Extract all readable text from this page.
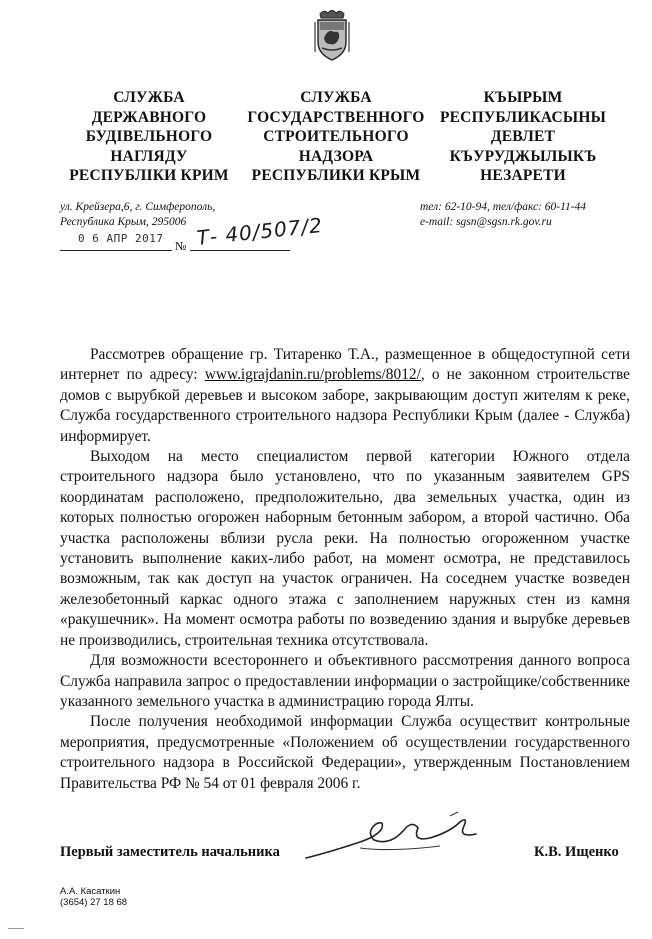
СЛУЖБА
ДЕРЖАВНОГО
БУДІВЕЛЬНОГО
НАГЛЯДУ
РЕСПУБЛІКИ КРИМ
СЛУЖБА
ГОСУДАРСТВЕННОГО
СТРОИТЕЛЬНОГО
НАДЗОРА
РЕСПУБЛИКИ КРЫМ
КЪЫРЫМ
РЕСПУБЛИКАСЫНЫ
ДЕВЛЕТ
КЪУРУДЖЫЛЫКЪ
НЕЗАРЕТИ
ул. Крейзера,6, г. Симферополь,
Республика Крым, 295006
тел: 62-10-94, тел/факс: 60-11-44
e-mail: sgsn@sgsn.rk.gov.ru
0 6 АПР 2017
№ Т- 40/507/2

Рассмотрев обращение гр. Титаренко Т.А., размещенное в общедоступной сети интернет по адресу: www.igrajdanin.ru/problems/8012/, о не законном строительстве домов с вырубкой деревьев и высоком заборе, закрывающим доступ жителям к реке, Служба государственного строительного надзора Республики Крым (далее - Служба) информирует.

Выходом на место специалистом первой категории Южного отдела строительного надзора было установлено, что по указанным заявителем GPS координатам расположено, предположительно, два земельных участка, один из которых полностью огорожен наборным бетонным забором, а второй частично. Оба участка расположены вблизи русла реки. На полностью огороженном участке установить выполнение каких-либо работ, на момент осмотра, не представилось возможным, так как доступ на участок ограничен. На соседнем участке возведен железобетонный каркас одного этажа с заполнением наружных стен из камня «ракушечник». На момент осмотра работы по возведению здания и вырубке деревьев не производились, строительная техника отсутствовала.

Для возможности всестороннего и объективного рассмотрения данного вопроса Служба направила запрос о предоставлении информации о застройщике/собственнике указанного земельного участка в администрацию города Ялты.

После получения необходимой информации Служба осуществит контрольные мероприятия, предусмотренные «Положением об осуществлении государственного строительного надзора в Российской Федерации», утвержденным Постановлением Правительства РФ № 54 от 01 февраля 2006 г.

Первый заместитель начальника	К.В. Ищенко
А.А. Касаткин
(3654) 27 18 68
